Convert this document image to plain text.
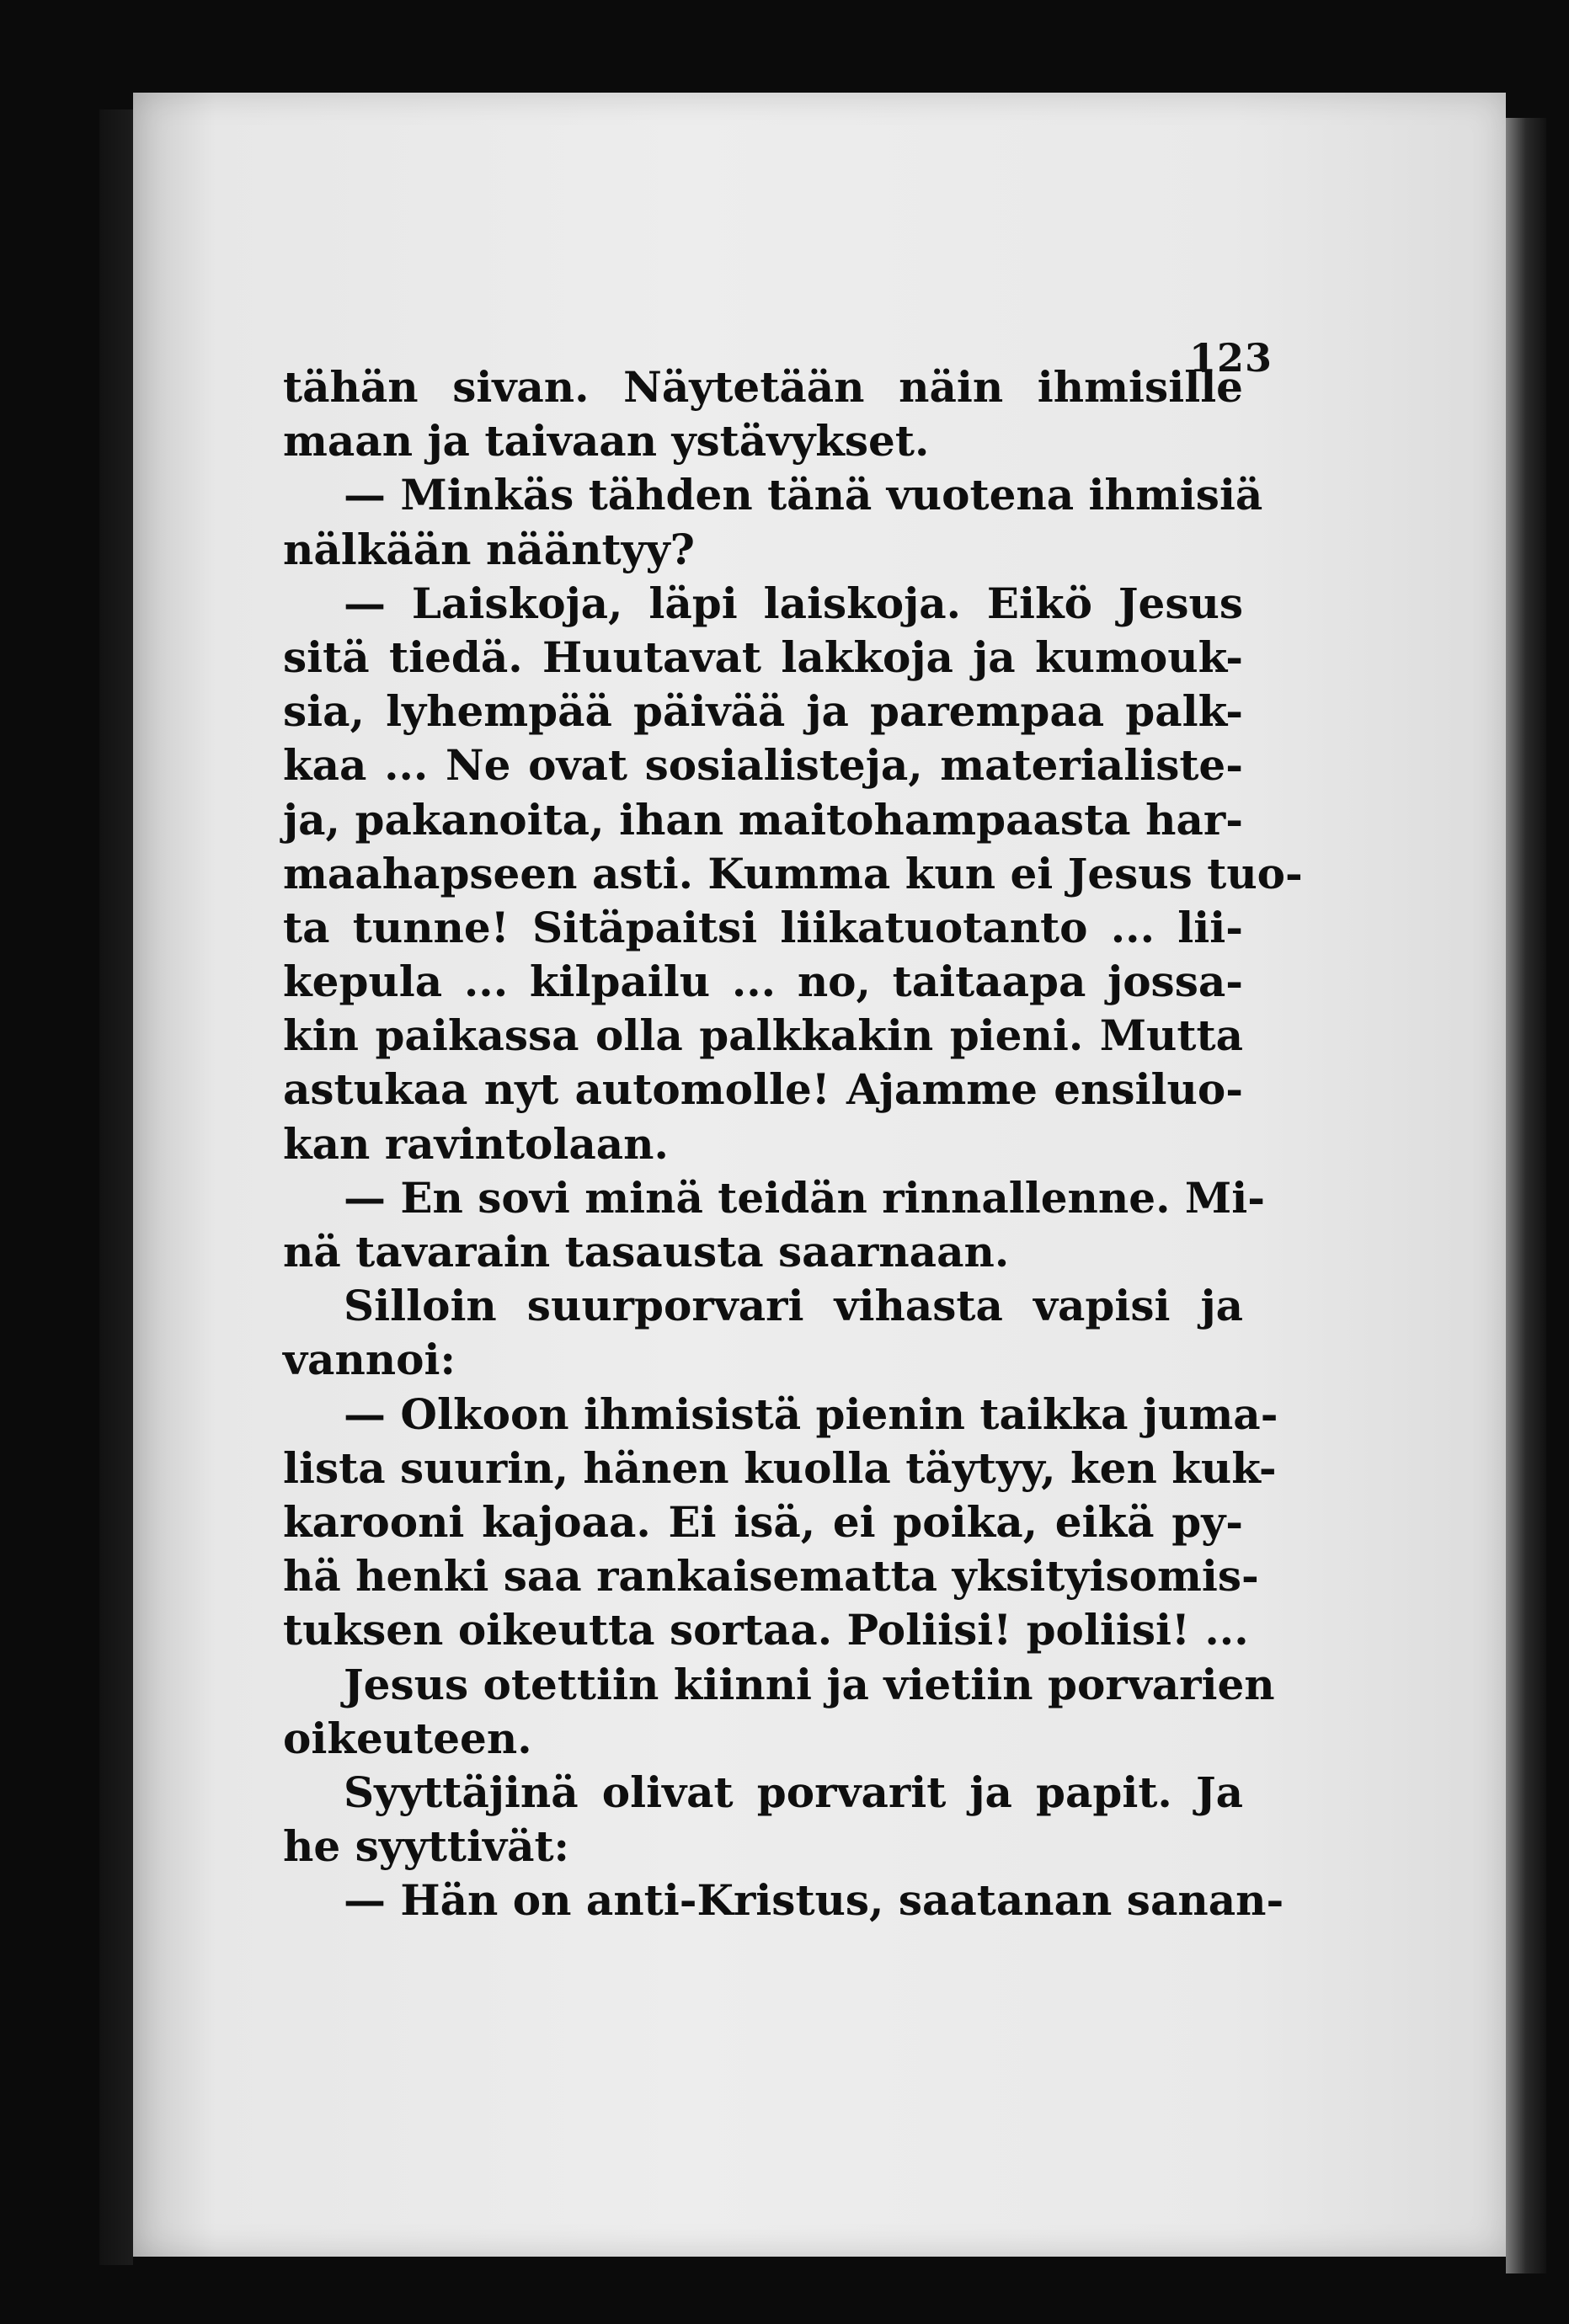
123
tähän sivan. Näytetään näin ihmisille
maan ja taivaan ystävykset.
— Minkäs tähden tänä vuotena ihmisiä
nälkään nääntyy?
— Laiskoja, läpi laiskoja. Eikö Jesus
sitä tiedä. Huutavat lakkoja ja kumouk-
sia, lyhempää päivää ja parempaa palk-
kaa ... Ne ovat sosialisteja, materialiste-
ja, pakanoita, ihan maitohampaasta har-
maahapseen asti. Kumma kun ei Jesus tuo-
ta tunne! Sitäpaitsi liikatuotanto ... lii-
kepula ... kilpailu ... no, taitaapa jossa-
kin paikassa olla palkkakin pieni. Mutta
astukaa nyt automolle! Ajamme ensiluo-
kan ravintolaan.
— En sovi minä teidän rinnallenne. Mi-
nä tavarain tasausta saarnaan.
Silloin suurporvari vihasta vapisi ja
vannoi:
— Olkoon ihmisistä pienin taikka juma-
lista suurin, hänen kuolla täytyy, ken kuk-
karooni kajoaa. Ei isä, ei poika, eikä py-
hä henki saa rankaisematta yksityisomis-
tuksen oikeutta sortaa. Poliisi! poliisi! ...
Jesus otettiin kiinni ja vietiin porvarien
oikeuteen.
Syyttäjinä olivat porvarit ja papit. Ja
he syyttivät:
— Hän on anti-Kristus, saatanan sanan-
